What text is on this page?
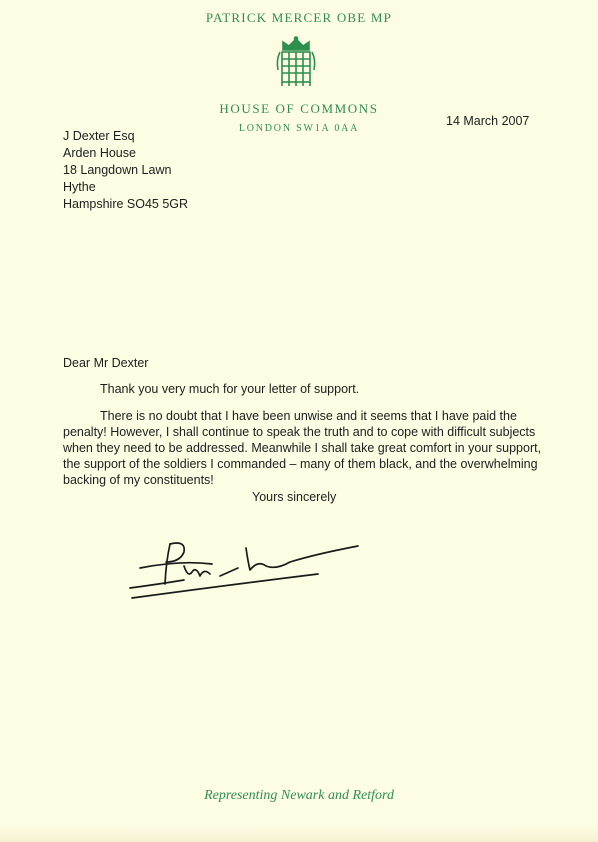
PATRICK MERCER OBE MP
HOUSE OF COMMONS
LONDON SW1A 0AA
14 March 2007
J Dexter Esq
Arden House
18 Langdown Lawn
Hythe
Hampshire SO45 5GR
Dear Mr Dexter
Thank you very much for your letter of support.
There is no doubt that I have been unwise and it seems that I have paid the
penalty! However, I shall continue to speak the truth and to cope with difficult subjects
when they need to be addressed. Meanwhile I shall take great comfort in your support,
the support of the soldiers I commanded – many of them black, and the overwhelming
backing of my constituents!
Yours sincerely
Representing Newark and Retford
